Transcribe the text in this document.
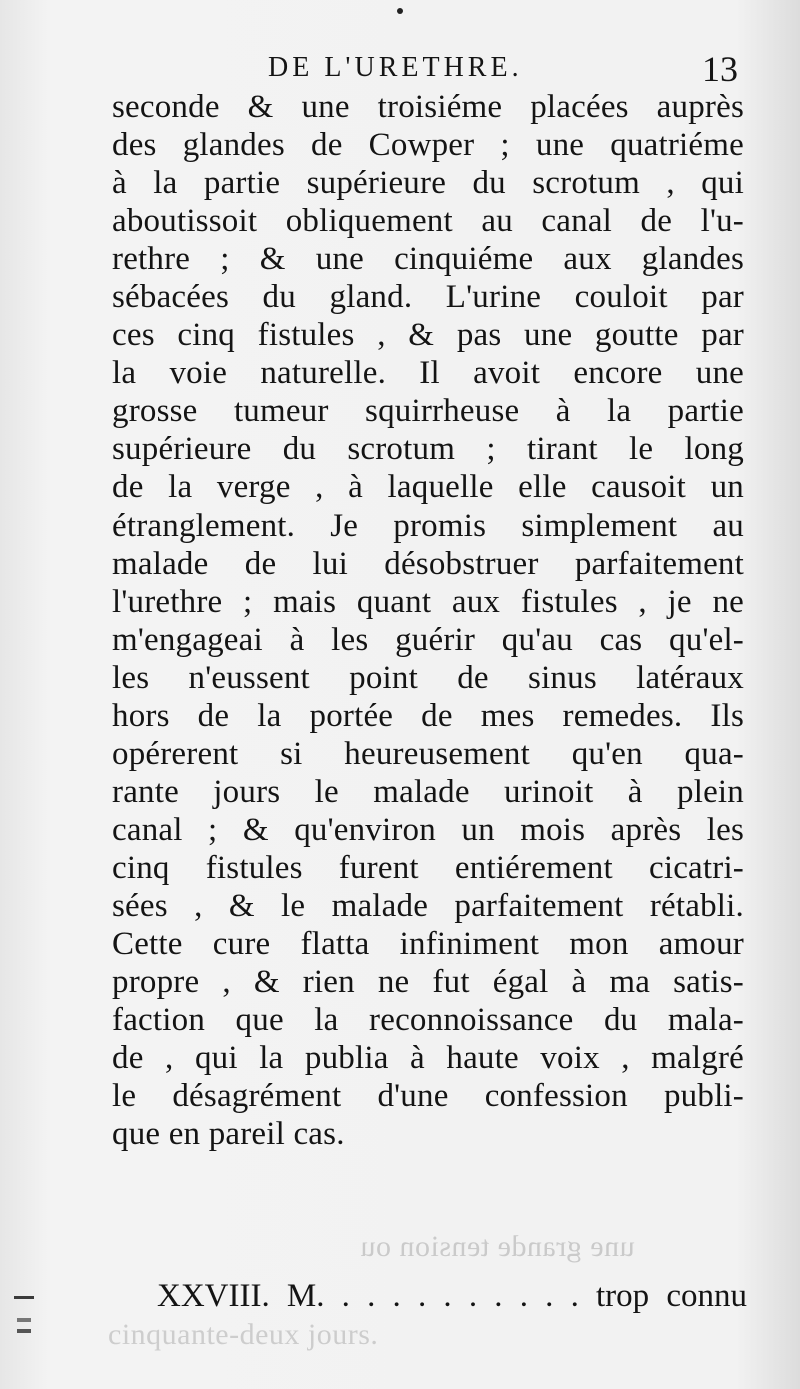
une grande tension ou
cinquante-deux jours.
DE L'URETHRE.	13
seconde & une troisiéme placées auprès
des glandes de Cowper ; une quatriéme
à la partie supérieure du scrotum , qui
aboutissoit obliquement au canal de l'u-
rethre ; & une cinquiéme aux glandes
sébacées du gland. L'urine couloit par
ces cinq fistules , & pas une goutte par
la voie naturelle. Il avoit encore une
grosse tumeur squirrheuse à la partie
supérieure du scrotum ; tirant le long
de la verge , à laquelle elle causoit un
étranglement. Je promis simplement au
malade de lui désobstruer parfaitement
l'urethre ; mais quant aux fistules , je ne
m'engageai à les guérir qu'au cas qu'el-
les n'eussent point de sinus latéraux
hors de la portée de mes remedes. Ils
opérerent si heureusement qu'en qua-
rante jours le malade urinoit à plein
canal ; & qu'environ un mois après les
cinq fistules furent entiérement cicatri-
sées , & le malade parfaitement rétabli.
Cette cure flatta infiniment mon amour
propre , & rien ne fut égal à ma satis-
faction que la reconnoissance du mala-
de , qui la publia à haute voix , malgré
le désagrément d'une confession publi-
que en pareil cas.
XXVIII. M. . . . . . . . . . . trop connu
